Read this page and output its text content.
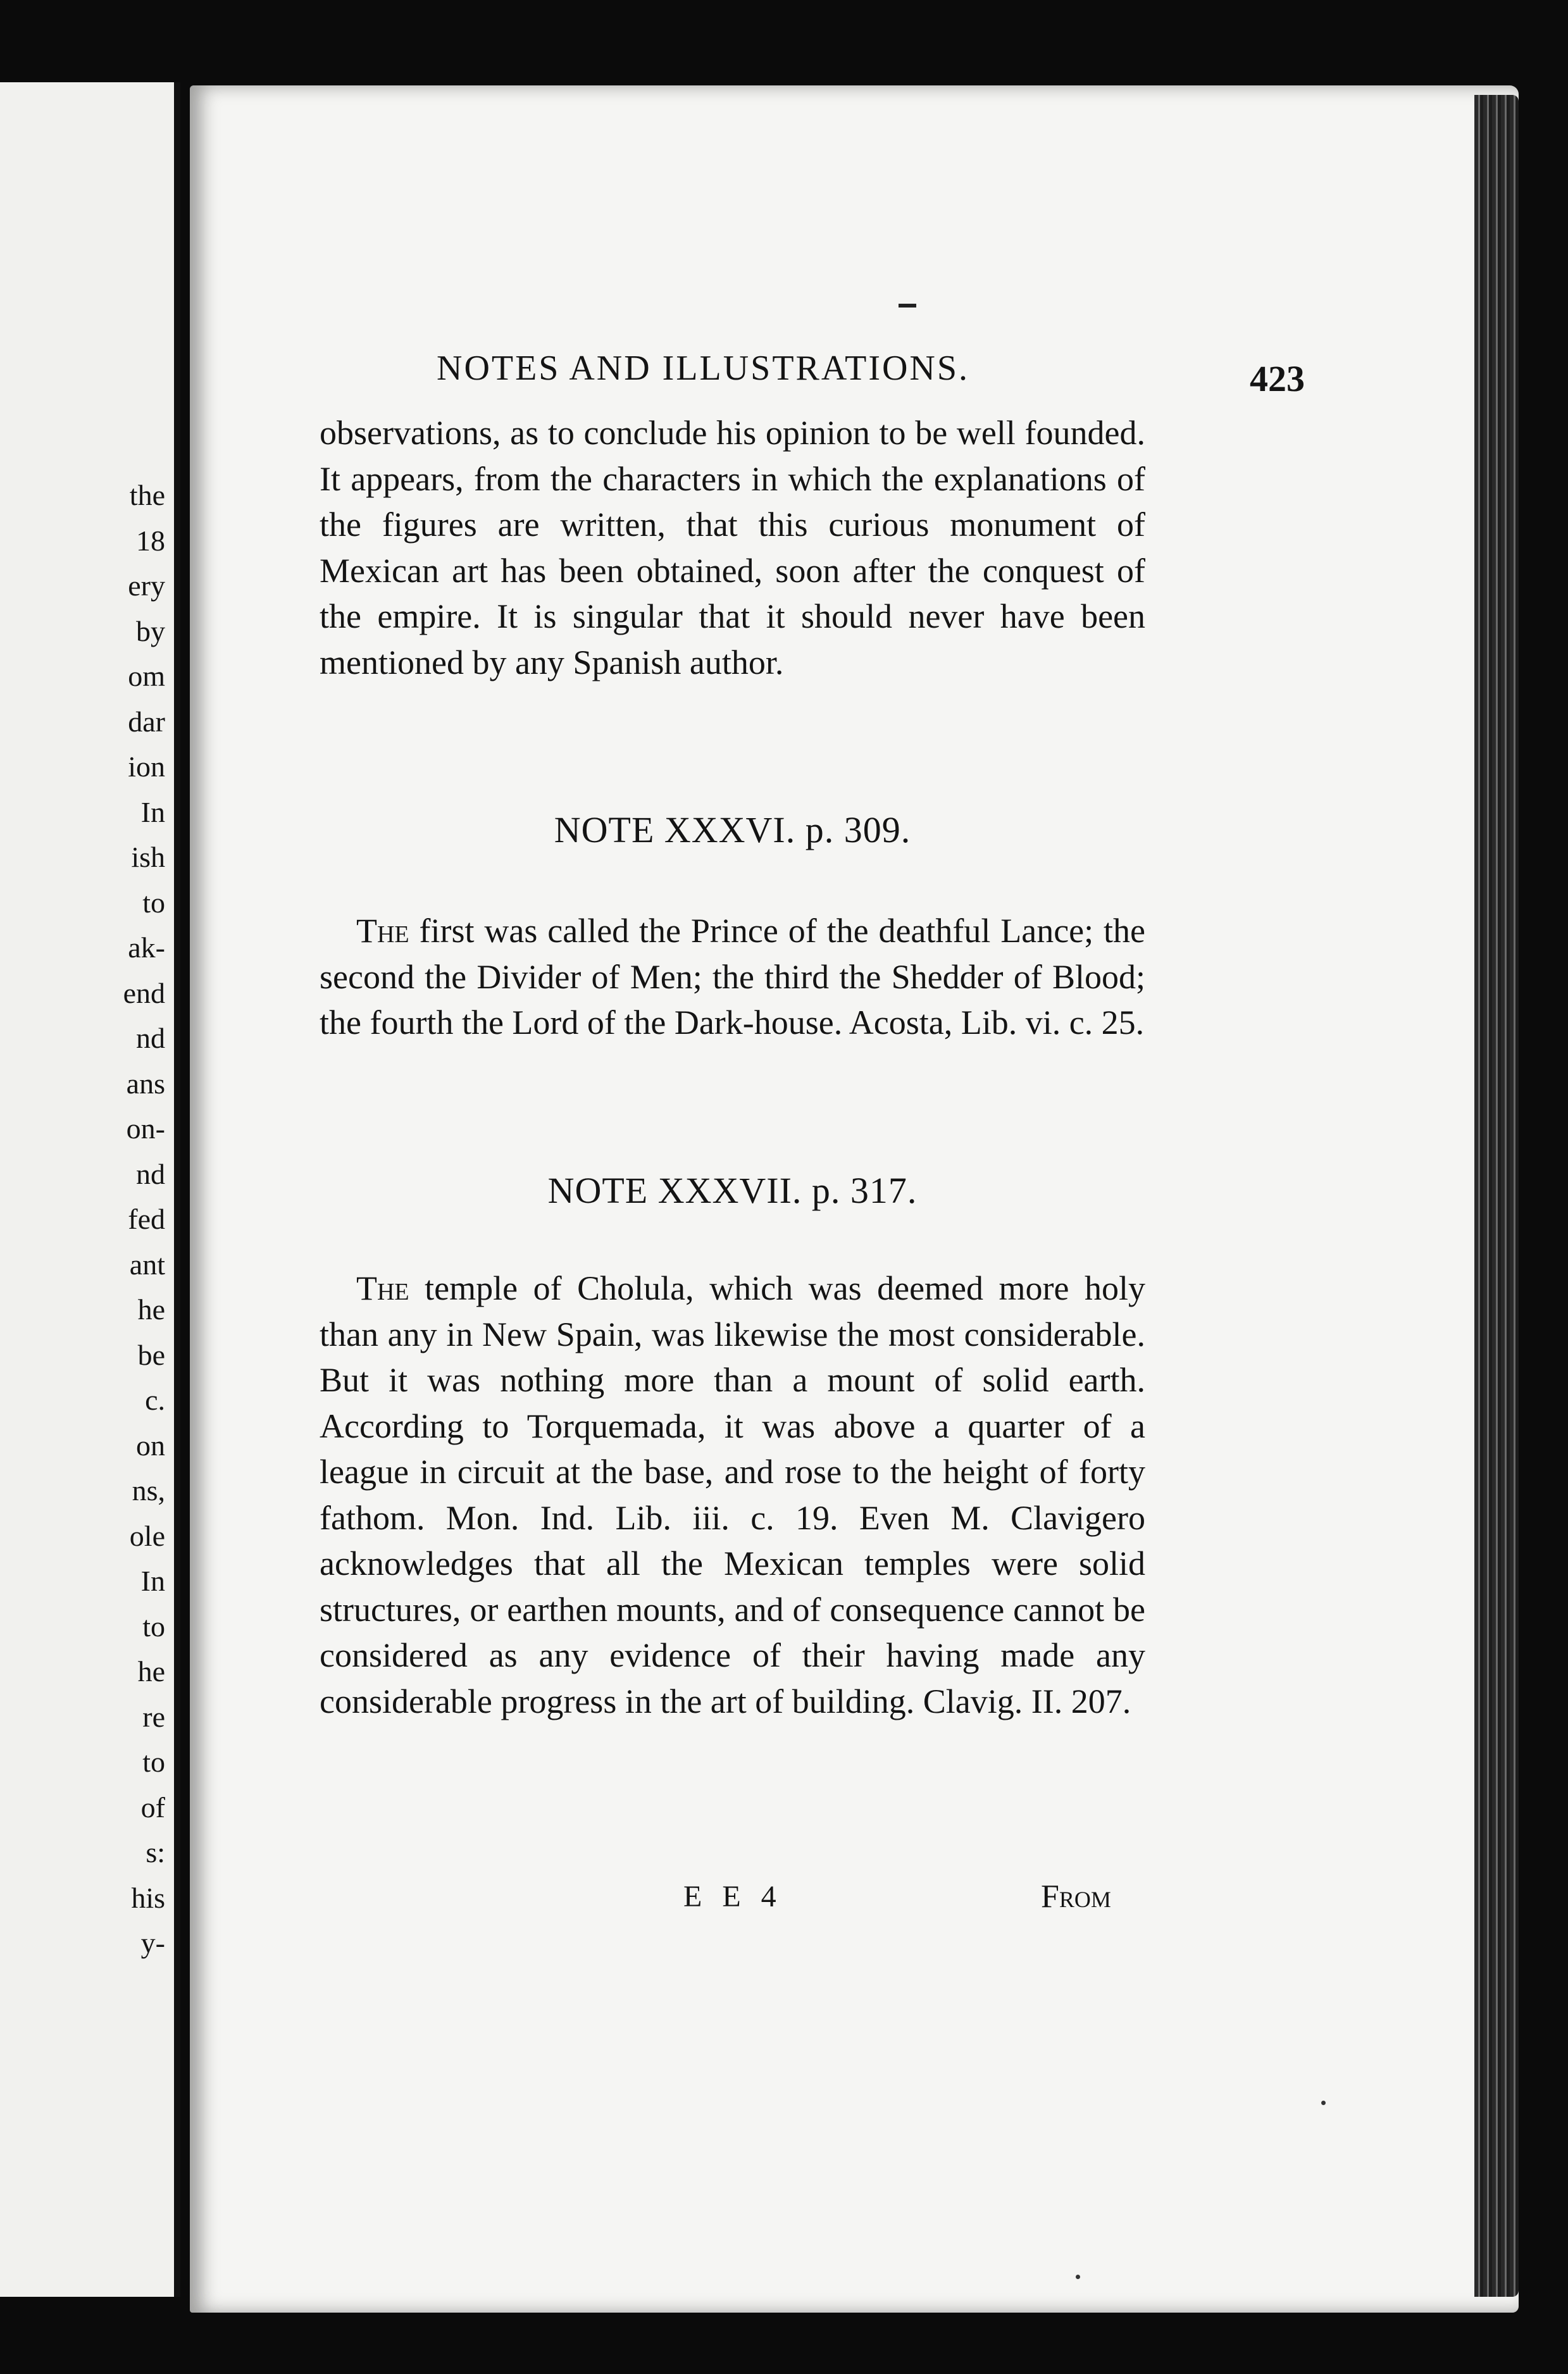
the
18
ery
by
om
dar
ion
In
ish
to
ak-
end
nd
ans
on-
nd
fed
ant
he
be
c.
on
ns,
ole
In
to
he
re
to
of
s:
his
y-
NOTES AND ILLUSTRATIONS.	423

observations, as to conclude his opinion to be well founded. It appears, from the characters in which the explanations of the figures are written, that this curious monument of Mexican art has been obtained, soon after the conquest of the empire. It is singular that it should never have been mentioned by any Spanish author.

NOTE XXXVI. p. 309.

The first was called the Prince of the deathful Lance; the second the Divider of Men; the third the Shedder of Blood; the fourth the Lord of the Dark-house. Acosta, Lib. vi. c. 25.

NOTE XXXVII. p. 317.

The temple of Cholula, which was deemed more holy than any in New Spain, was likewise the most considerable. But it was nothing more than a mount of solid earth. According to Torquemada, it was above a quarter of a league in circuit at the base, and rose to the height of forty fathom. Mon. Ind. Lib. iii. c. 19. Even M. Clavigero acknowledges that all the Mexican temples were solid structures, or earthen mounts, and of consequence cannot be considered as any evidence of their having made any considerable progress in the art of building. Clavig. II. 207.

E E 4	From
